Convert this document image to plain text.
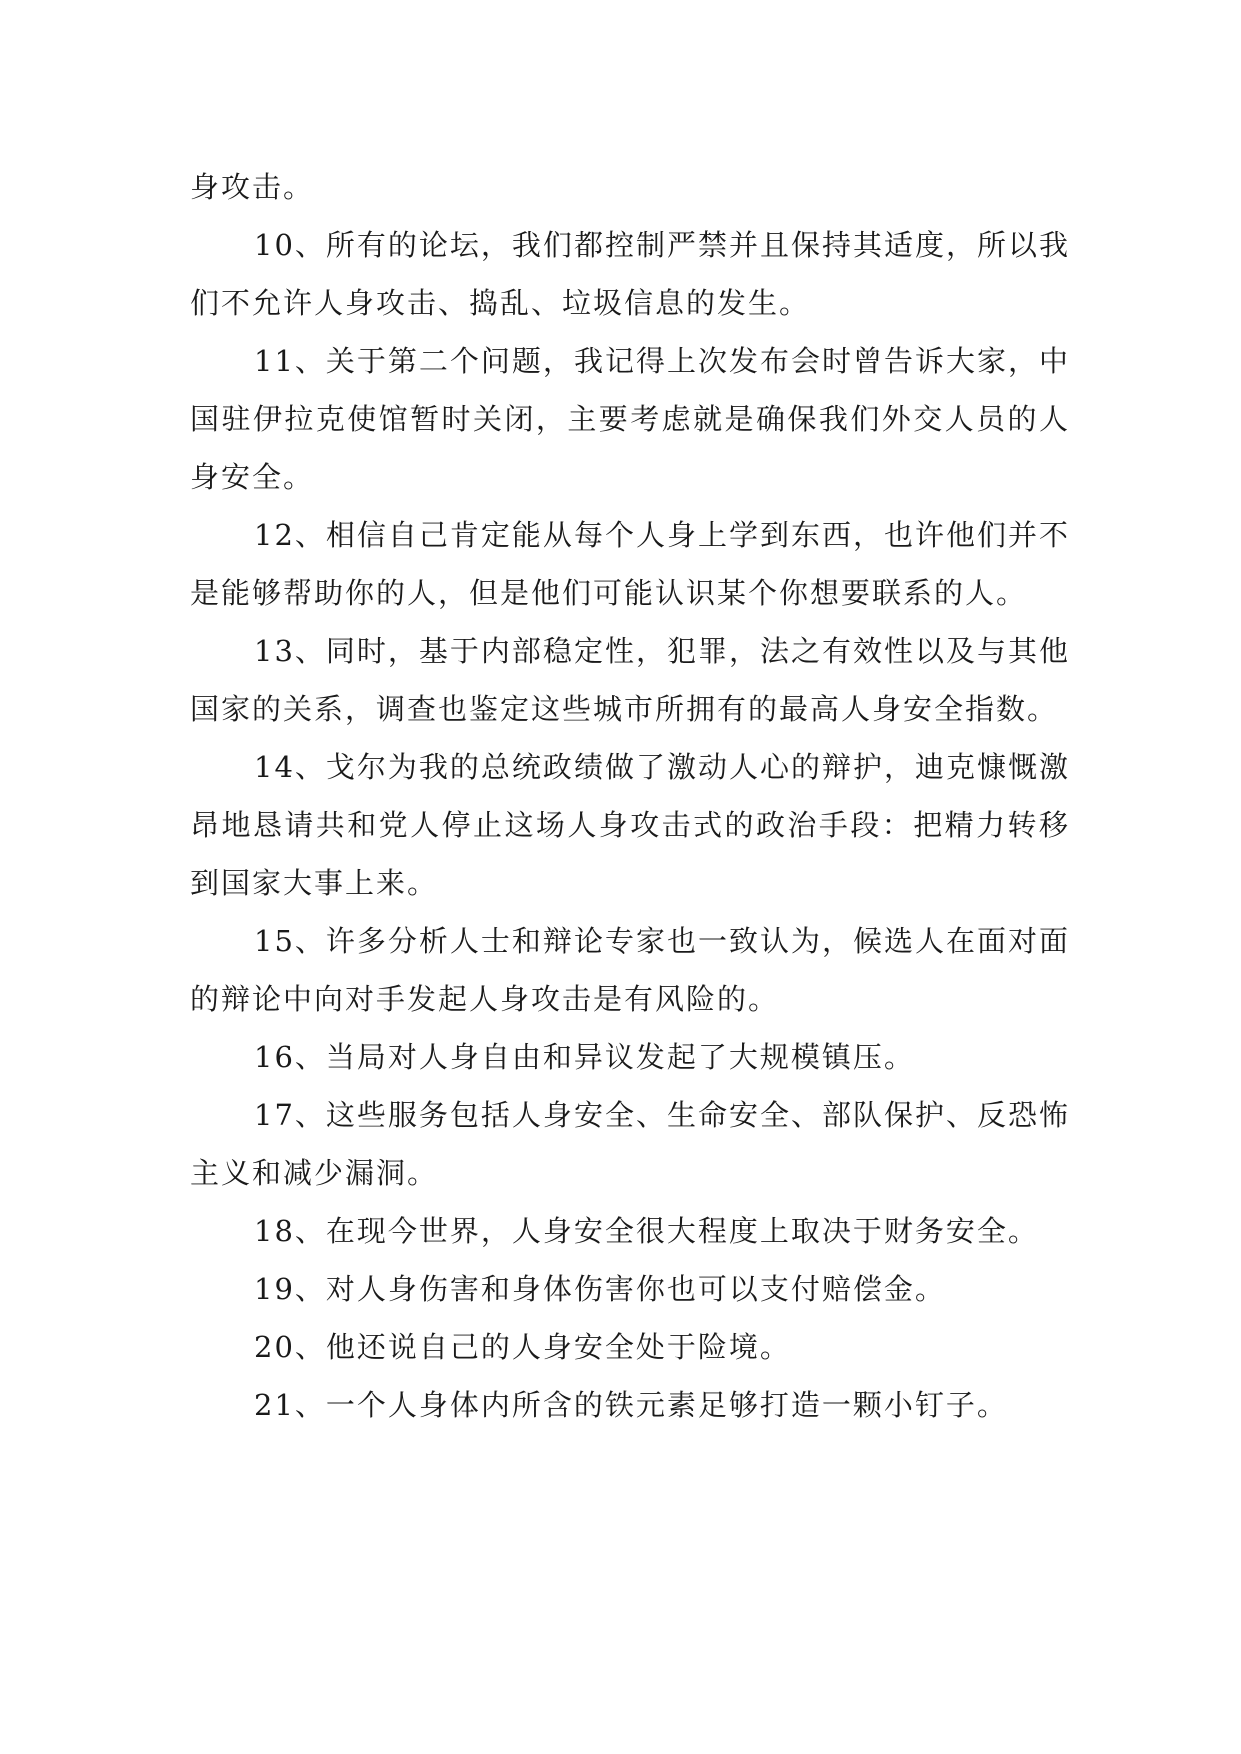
身攻击。

10、所有的论坛，我们都控制严禁并且保持其适度，所以我们不允许人身攻击、捣乱、垃圾信息的发生。

11、关于第二个问题，我记得上次发布会时曾告诉大家，中国驻伊拉克使馆暂时关闭，主要考虑就是确保我们外交人员的人身安全。

12、相信自己肯定能从每个人身上学到东西，也许他们并不是能够帮助你的人，但是他们可能认识某个你想要联系的人。

13、同时，基于内部稳定性，犯罪，法之有效性以及与其他国家的关系，调查也鉴定这些城市所拥有的最高人身安全指数。

14、戈尔为我的总统政绩做了激动人心的辩护，迪克慷慨激昂地恳请共和党人停止这场人身攻击式的政治手段：把精力转移到国家大事上来。

15、许多分析人士和辩论专家也一致认为，候选人在面对面的辩论中向对手发起人身攻击是有风险的。

16、当局对人身自由和异议发起了大规模镇压。

17、这些服务包括人身安全、生命安全、部队保护、反恐怖主义和减少漏洞。

18、在现今世界，人身安全很大程度上取决于财务安全。

19、对人身伤害和身体伤害你也可以支付赔偿金。

20、他还说自己的人身安全处于险境。

21、一个人身体内所含的铁元素足够打造一颗小钉子。
